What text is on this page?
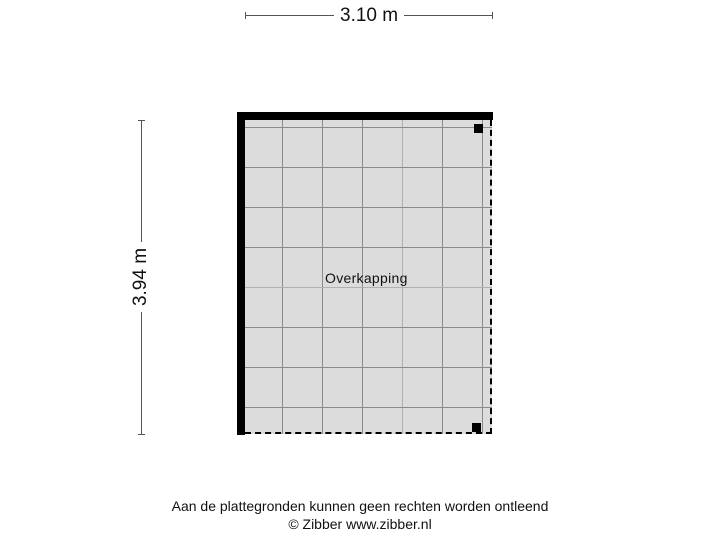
3.10 m
3.94 m	Overkapping
Aan de plattegronden kunnen geen rechten worden ontleend
© Zibber www.zibber.nl
